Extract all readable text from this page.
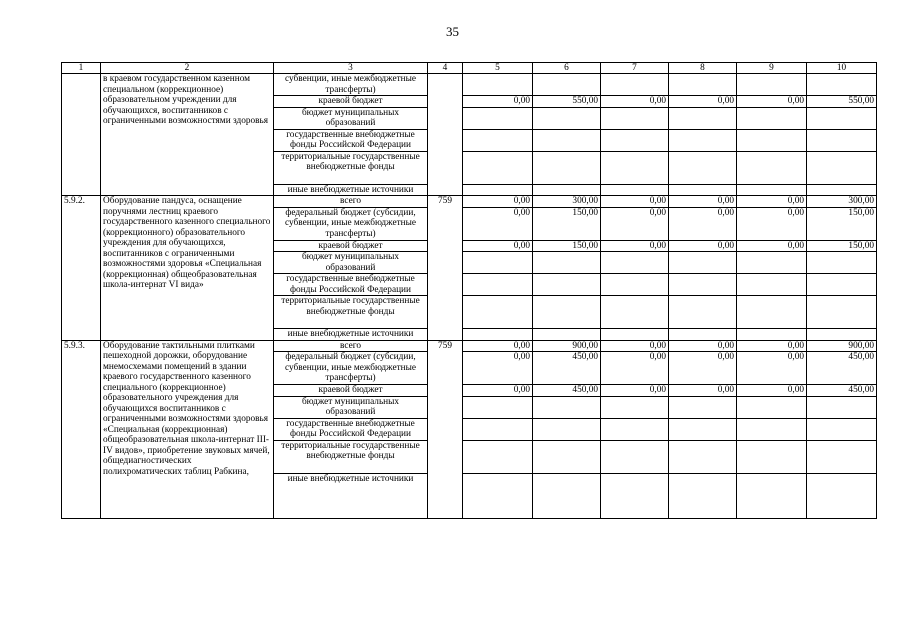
35
1	2	3	4	5	6	7	8	9	10
	в краевом государственном казенном специальном (коррекционное) образовательном учреждении для обучающихся, воспитанников с ограниченными возможностями здоровья	субвенции, иные межбюджетные трансферты)							
		краевой бюджет		0,00	550,00	0,00	0,00	0,00	550,00
		бюджет муниципальных образований							
		государственные внебюджетные фонды Российской Федерации							
		территориальные государственные внебюджетные фонды							
		иные внебюджетные источники							
5.9.2.	Оборудование пандуса, оснащение поручнями лестниц краевого государственного казенного специального (коррекционного) образовательного учреждения для обучающихся, воспитанников с ограниченными возможностями здоровья «Специальная (коррекционная) общеобразовательная школа-интернат VI вида»	всего	759	0,00	300,00	0,00	0,00	0,00	300,00
		федеральный бюджет (субсидии, субвенции, иные межбюджетные трансферты)		0,00	150,00	0,00	0,00	0,00	150,00
		краевой бюджет		0,00	150,00	0,00	0,00	0,00	150,00
		бюджет муниципальных образований							
		государственные внебюджетные фонды Российской Федерации							
		территориальные государственные внебюджетные фонды							
		иные внебюджетные источники							
5.9.3.	Оборудование тактильными плитками пешеходной дорожки, оборудование мнемосхемами помещений в здании краевого государственного казенного специального (коррекционное) образовательного учреждения для обучающихся воспитанников с ограниченными возможностями здоровья «Специальная (коррекционная) общеобразовательная школа-интернат III-IV видов», приобретение звуковых мячей, общедиагностических полихроматических таблиц Рабкина,	всего	759	0,00	900,00	0,00	0,00	0,00	900,00
		федеральный бюджет (субсидии, субвенции, иные межбюджетные трансферты)		0,00	450,00	0,00	0,00	0,00	450,00
		краевой бюджет		0,00	450,00	0,00	0,00	0,00	450,00
		бюджет муниципальных образований							
		государственные внебюджетные фонды Российской Федерации							
		территориальные государственные внебюджетные фонды							
		иные внебюджетные источники							
